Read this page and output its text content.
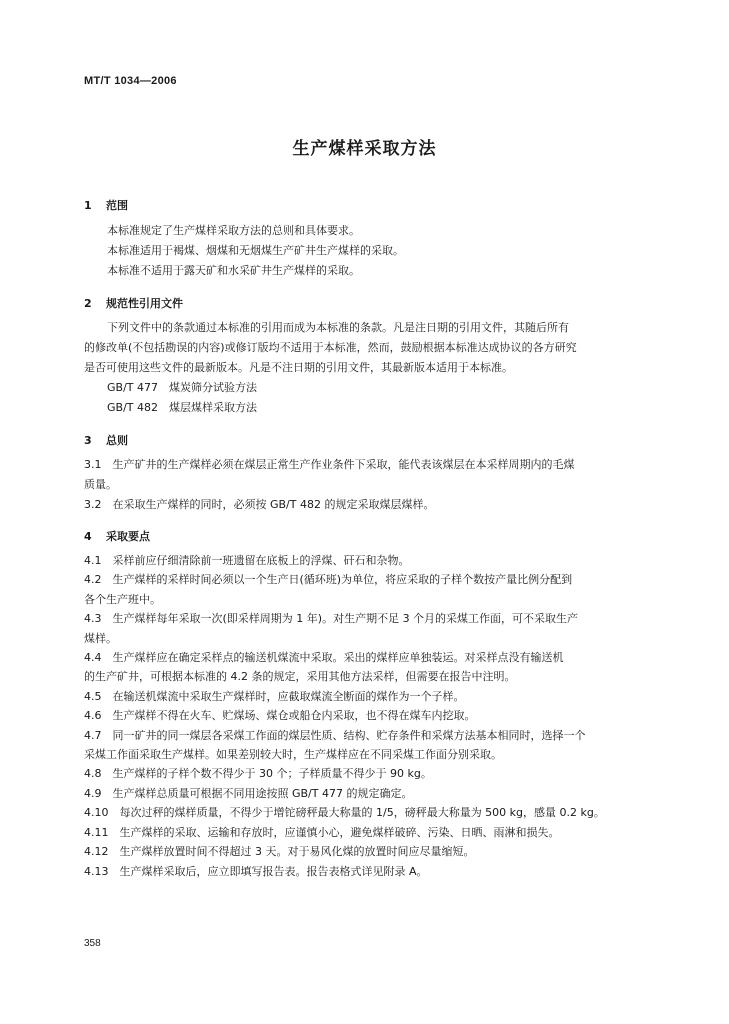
MT/T 1034—2006
生产煤样采取方法
1 范围
本标准规定了生产煤样采取方法的总则和具体要求。
本标准适用于褐煤、烟煤和无烟煤生产矿井生产煤样的采取。
本标准不适用于露天矿和水采矿井生产煤样的采取。
2 规范性引用文件
下列文件中的条款通过本标准的引用而成为本标准的条款。凡是注日期的引用文件，其随后所有
的修改单(不包括勘误的内容)或修订版均不适用于本标准，然而，鼓励根据本标准达成协议的各方研究
是否可使用这些文件的最新版本。凡是不注日期的引用文件，其最新版本适用于本标准。
GB/T 477　煤炭筛分试验方法
GB/T 482　煤层煤样采取方法
3 总则
3.1　生产矿井的生产煤样必须在煤层正常生产作业条件下采取，能代表该煤层在本采样周期内的毛煤
质量。
3.2　在采取生产煤样的同时，必须按 GB/T 482 的规定采取煤层煤样。
4 采取要点
4.1　采样前应仔细清除前一班遗留在底板上的浮煤、矸石和杂物。
4.2　生产煤样的采样时间必须以一个生产日(循环班)为单位，将应采取的子样个数按产量比例分配到
各个生产班中。
4.3　生产煤样每年采取一次(即采样周期为 1 年)。对生产期不足 3 个月的采煤工作面，可不采取生产
煤样。
4.4　生产煤样应在确定采样点的输送机煤流中采取。采出的煤样应单独装运。对采样点没有输送机
的生产矿井，可根据本标准的 4.2 条的规定，采用其他方法采样，但需要在报告中注明。
4.5　在输送机煤流中采取生产煤样时，应截取煤流全断面的煤作为一个子样。
4.6　生产煤样不得在火车、贮煤场、煤仓或船仓内采取，也不得在煤车内挖取。
4.7　同一矿井的同一煤层各采煤工作面的煤层性质、结构、贮存条件和采煤方法基本相同时，选择一个
采煤工作面采取生产煤样。如果差别较大时，生产煤样应在不同采煤工作面分别采取。
4.8　生产煤样的子样个数不得少于 30 个；子样质量不得少于 90 kg。
4.9　生产煤样总质量可根据不同用途按照 GB/T 477 的规定确定。
4.10　每次过秤的煤样质量，不得少于增铊磅秤最大称量的 1/5，磅秤最大称量为 500 kg，感量 0.2 kg。
4.11　生产煤样的采取、运输和存放时，应谨慎小心，避免煤样破碎、污染、日晒、雨淋和损失。
4.12　生产煤样放置时间不得超过 3 天。对于易风化煤的放置时间应尽量缩短。
4.13　生产煤样采取后，应立即填写报告表。报告表格式详见附录 A。
358
